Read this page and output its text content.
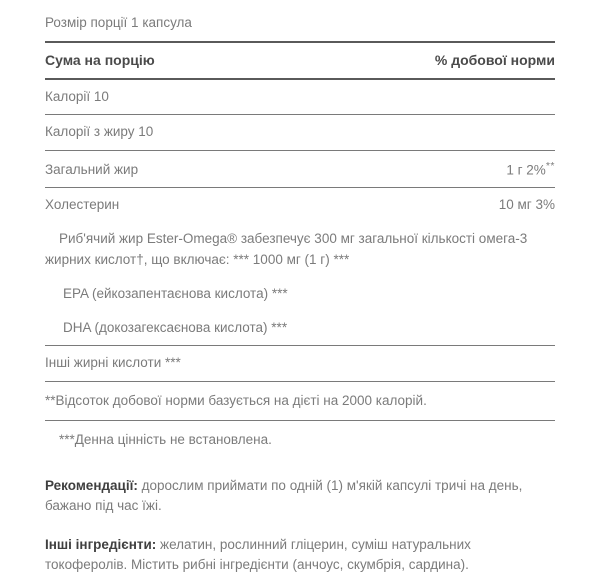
Розмір порції 1 капсула
Сума на порцію	% добової норми
Калорії 10
Калорії з жиру 10
Загальний жир	1 г 2%**
Холестерин	10 мг 3%
Риб'ячий жир Ester-Omega® забезпечує 300 мг загальної кількості омега-3 жирних кислот†, що включає: *** 1000 мг (1 г) ***
EPA (ейкозапентаєнова кислота) ***
DHA (докозагексаєнова кислота) ***
Інші жирні кислоти ***
**Відсоток добової норми базується на дієті на 2000 калорій.
***Денна цінність не встановлена.
Рекомендації: дорослим приймати по одній (1) м'якій капсулі тричі на день, бажано під час їжі.
Інші інгредієнти: желатин, рослинний гліцерин, суміш натуральних токоферолів. Містить рибні інгредієнти (анчоус, скумбрія, сардина).
